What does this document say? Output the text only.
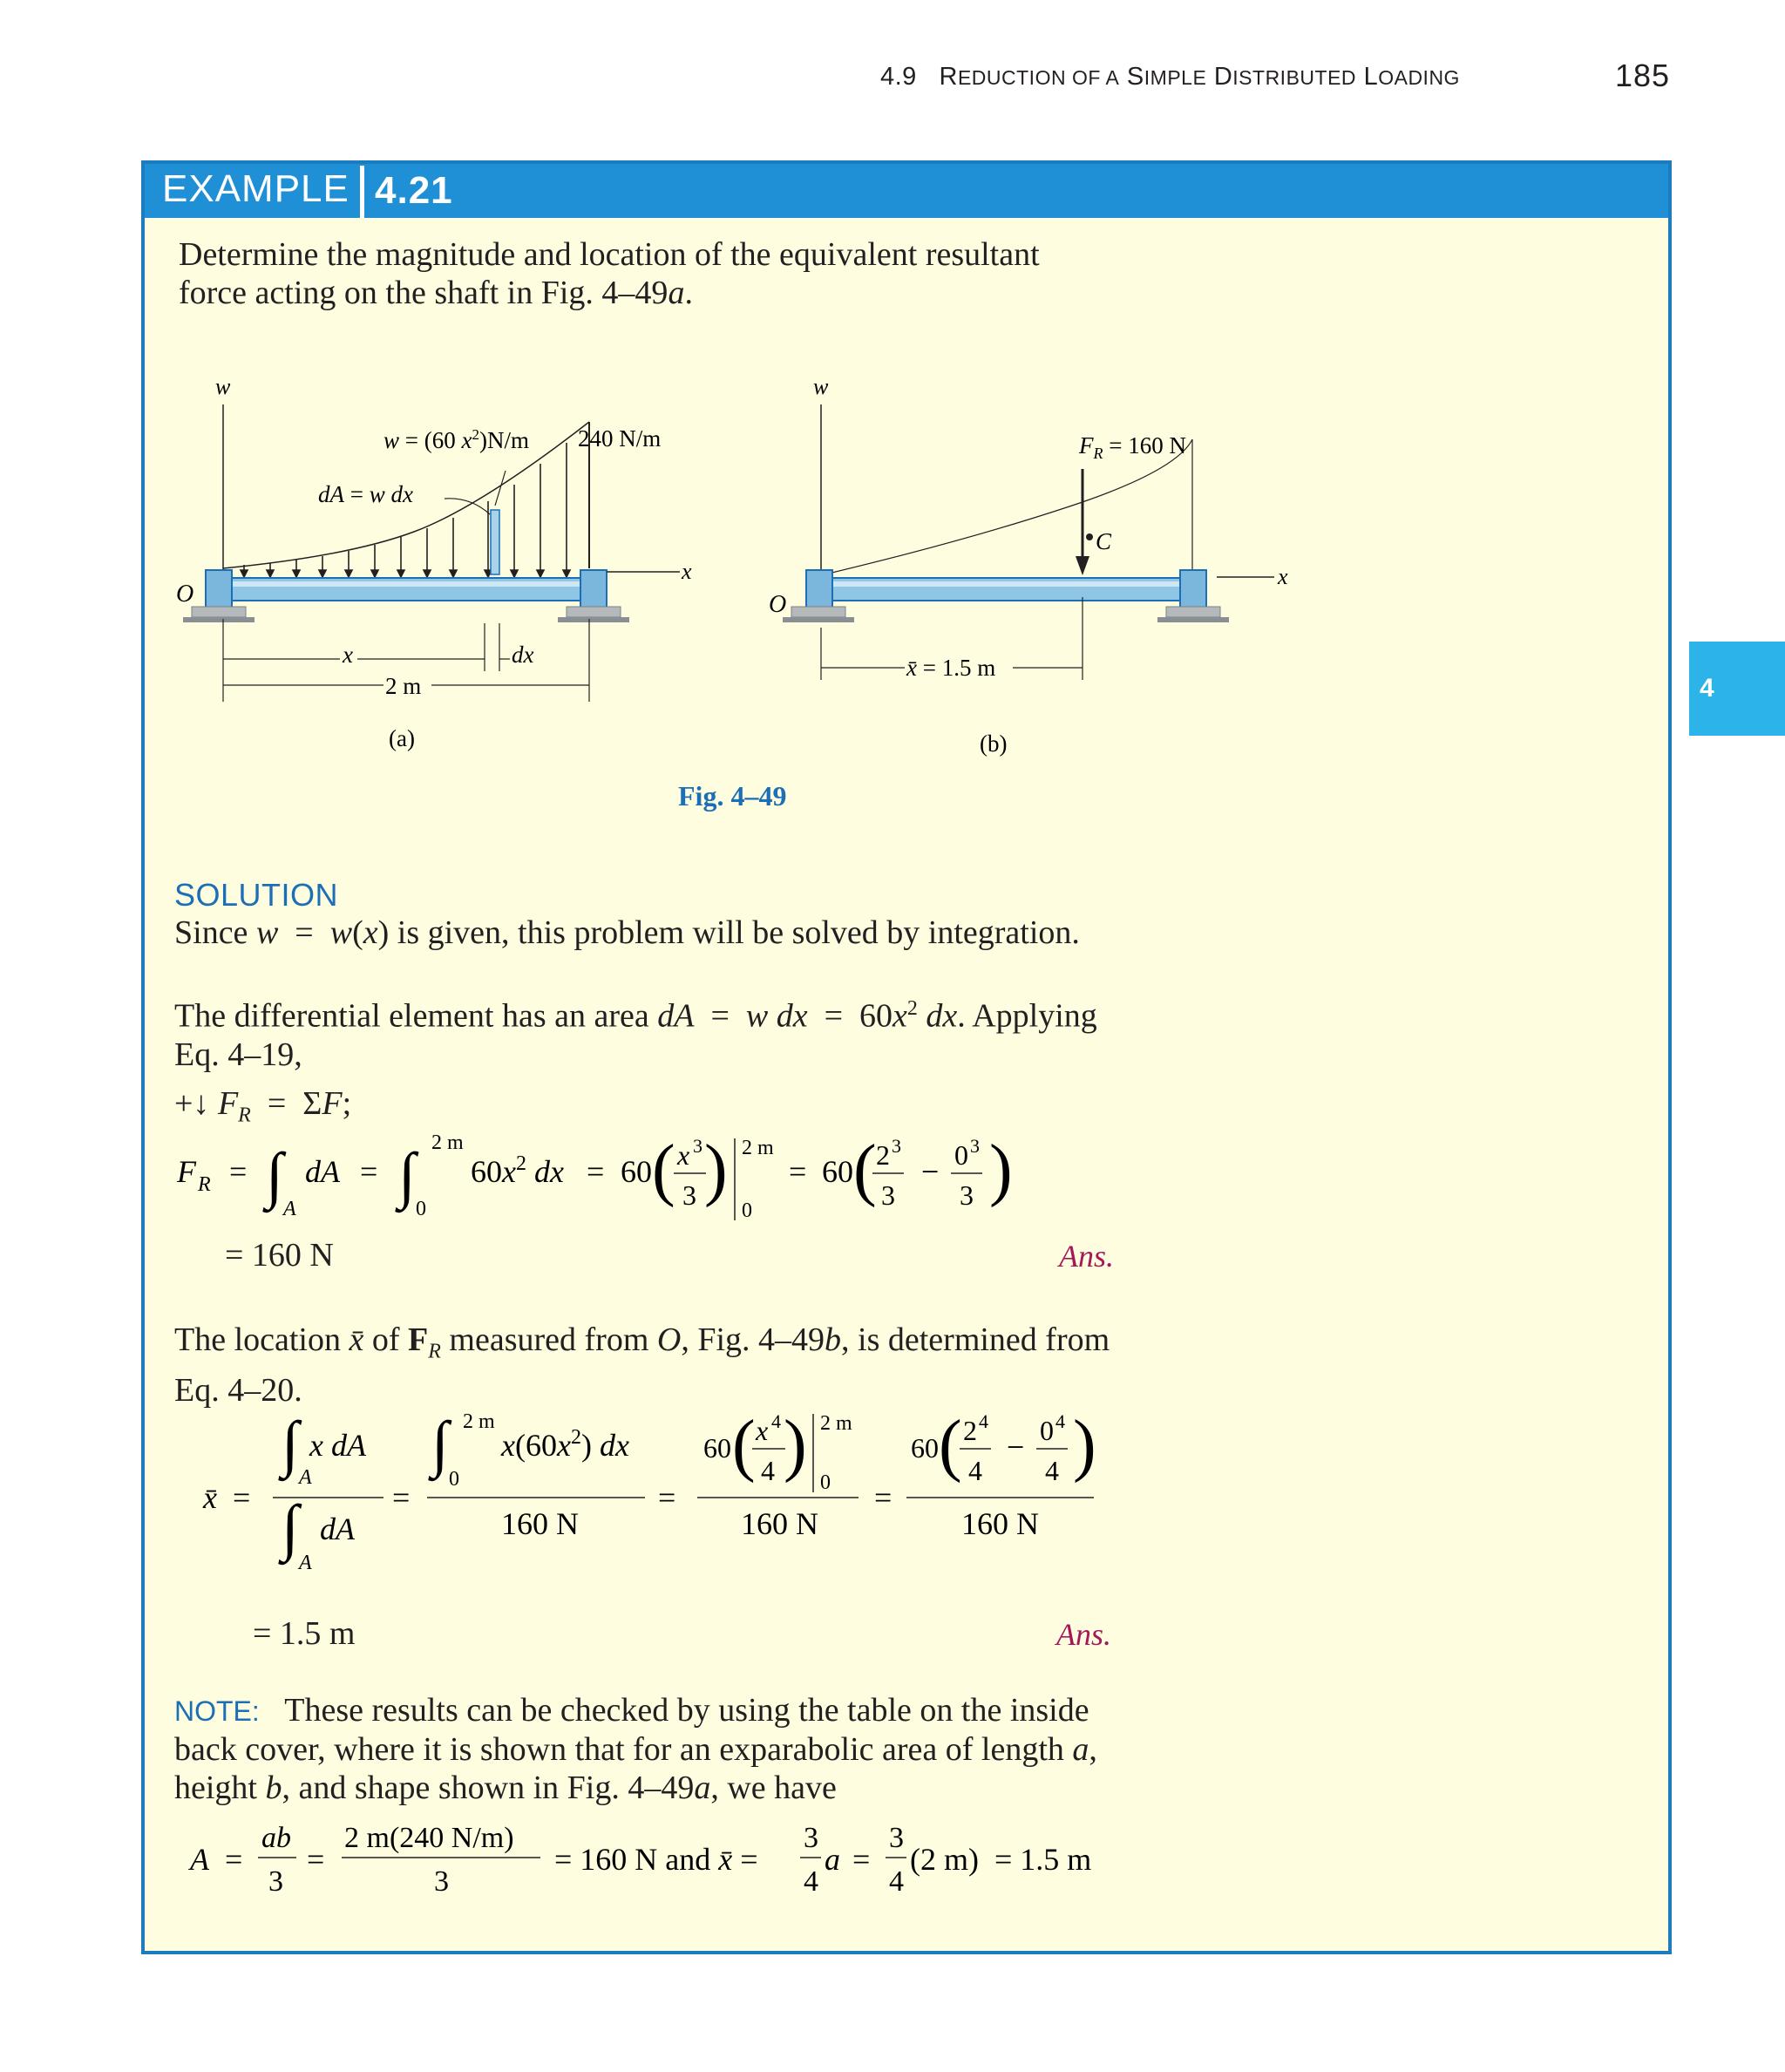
4.9 REDUCTION OF A SIMPLE DISTRIBUTED LOADING	185
4
EXAMPLE 4.21
Determine the magnitude and location of the equivalent resultant
force acting on the shaft in Fig. 4–49a.
w
x
O
w = (60 $x^2)N/m$ 240 N/m
dA = w dx
x	dx
2 m
(a)
w
C
$F_R = 160$ N
x
O
x̄ = 1.5 m
(b)
Fig. 4–49
SOLUTION
Since w  =  w(x) is given, this problem will be solved by integration.
The differential element has an area dA  =  w dx  =  $60x^2$ dx. Applying
Eq. 4–19,
+↓ $F_R = \Sigma F$;
F R = ∫ A
dA = ∫ 0
2 m
$60x^2$ dx = 60 ( x 3
3 ) 2 m
0
= 60 ( 2 3
3
− 0 3
3 )
= 160 N	Ans.
The location x̄ of $F_R$ measured from O, Fig. 4–49b, is determined from
Eq. 4–20.
x̄ =
∫ A
x dA
∫
A
dA
=
∫
0
2 m
$x(60x^2)$ dx
160 N
=
60 ( x 4
4 ) 2 m
0
160 N
=
60 ( 2 4
4
− 0 4
4 )
160 N
= 1.5 m	Ans.
NOTE: These results can be checked by using the table on the inside
back cover, where it is shown that for an exparabolic area of length a,
height b, and shape shown in Fig. 4–49a, we have
A =
ab
3
=
2 m(240 N/m)
3
= 160 N and x̄ =
3
4
a =
3
4
(2 m)  = 1.5 m
